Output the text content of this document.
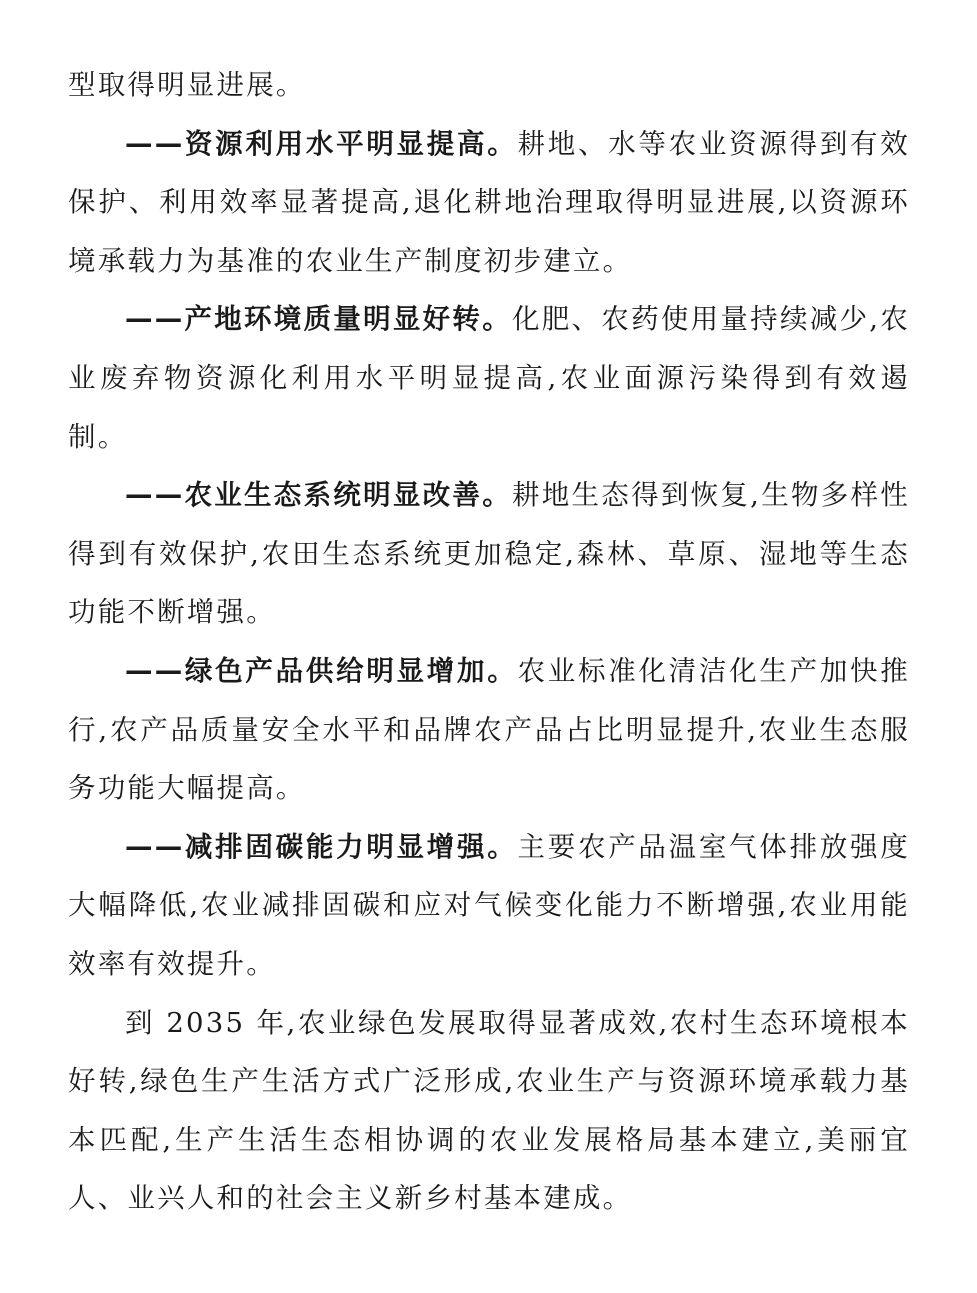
型取得明显进展。

——资源利用水平明显提高。耕地、水等农业资源得到有效保护、利用效率显著提高,退化耕地治理取得明显进展,以资源环境承载力为基准的农业生产制度初步建立。

——产地环境质量明显好转。化肥、农药使用量持续减少,农业废弃物资源化利用水平明显提高,农业面源污染得到有效遏制。

——农业生态系统明显改善。耕地生态得到恢复,生物多样性得到有效保护,农田生态系统更加稳定,森林、草原、湿地等生态功能不断增强。

——绿色产品供给明显增加。农业标准化清洁化生产加快推行,农产品质量安全水平和品牌农产品占比明显提升,农业生态服务功能大幅提高。

——减排固碳能力明显增强。主要农产品温室气体排放强度大幅降低,农业减排固碳和应对气候变化能力不断增强,农业用能效率有效提升。

到 2035 年,农业绿色发展取得显著成效,农村生态环境根本好转,绿色生产生活方式广泛形成,农业生产与资源环境承载力基本匹配,生产生活生态相协调的农业发展格局基本建立,美丽宜人、业兴人和的社会主义新乡村基本建成。
